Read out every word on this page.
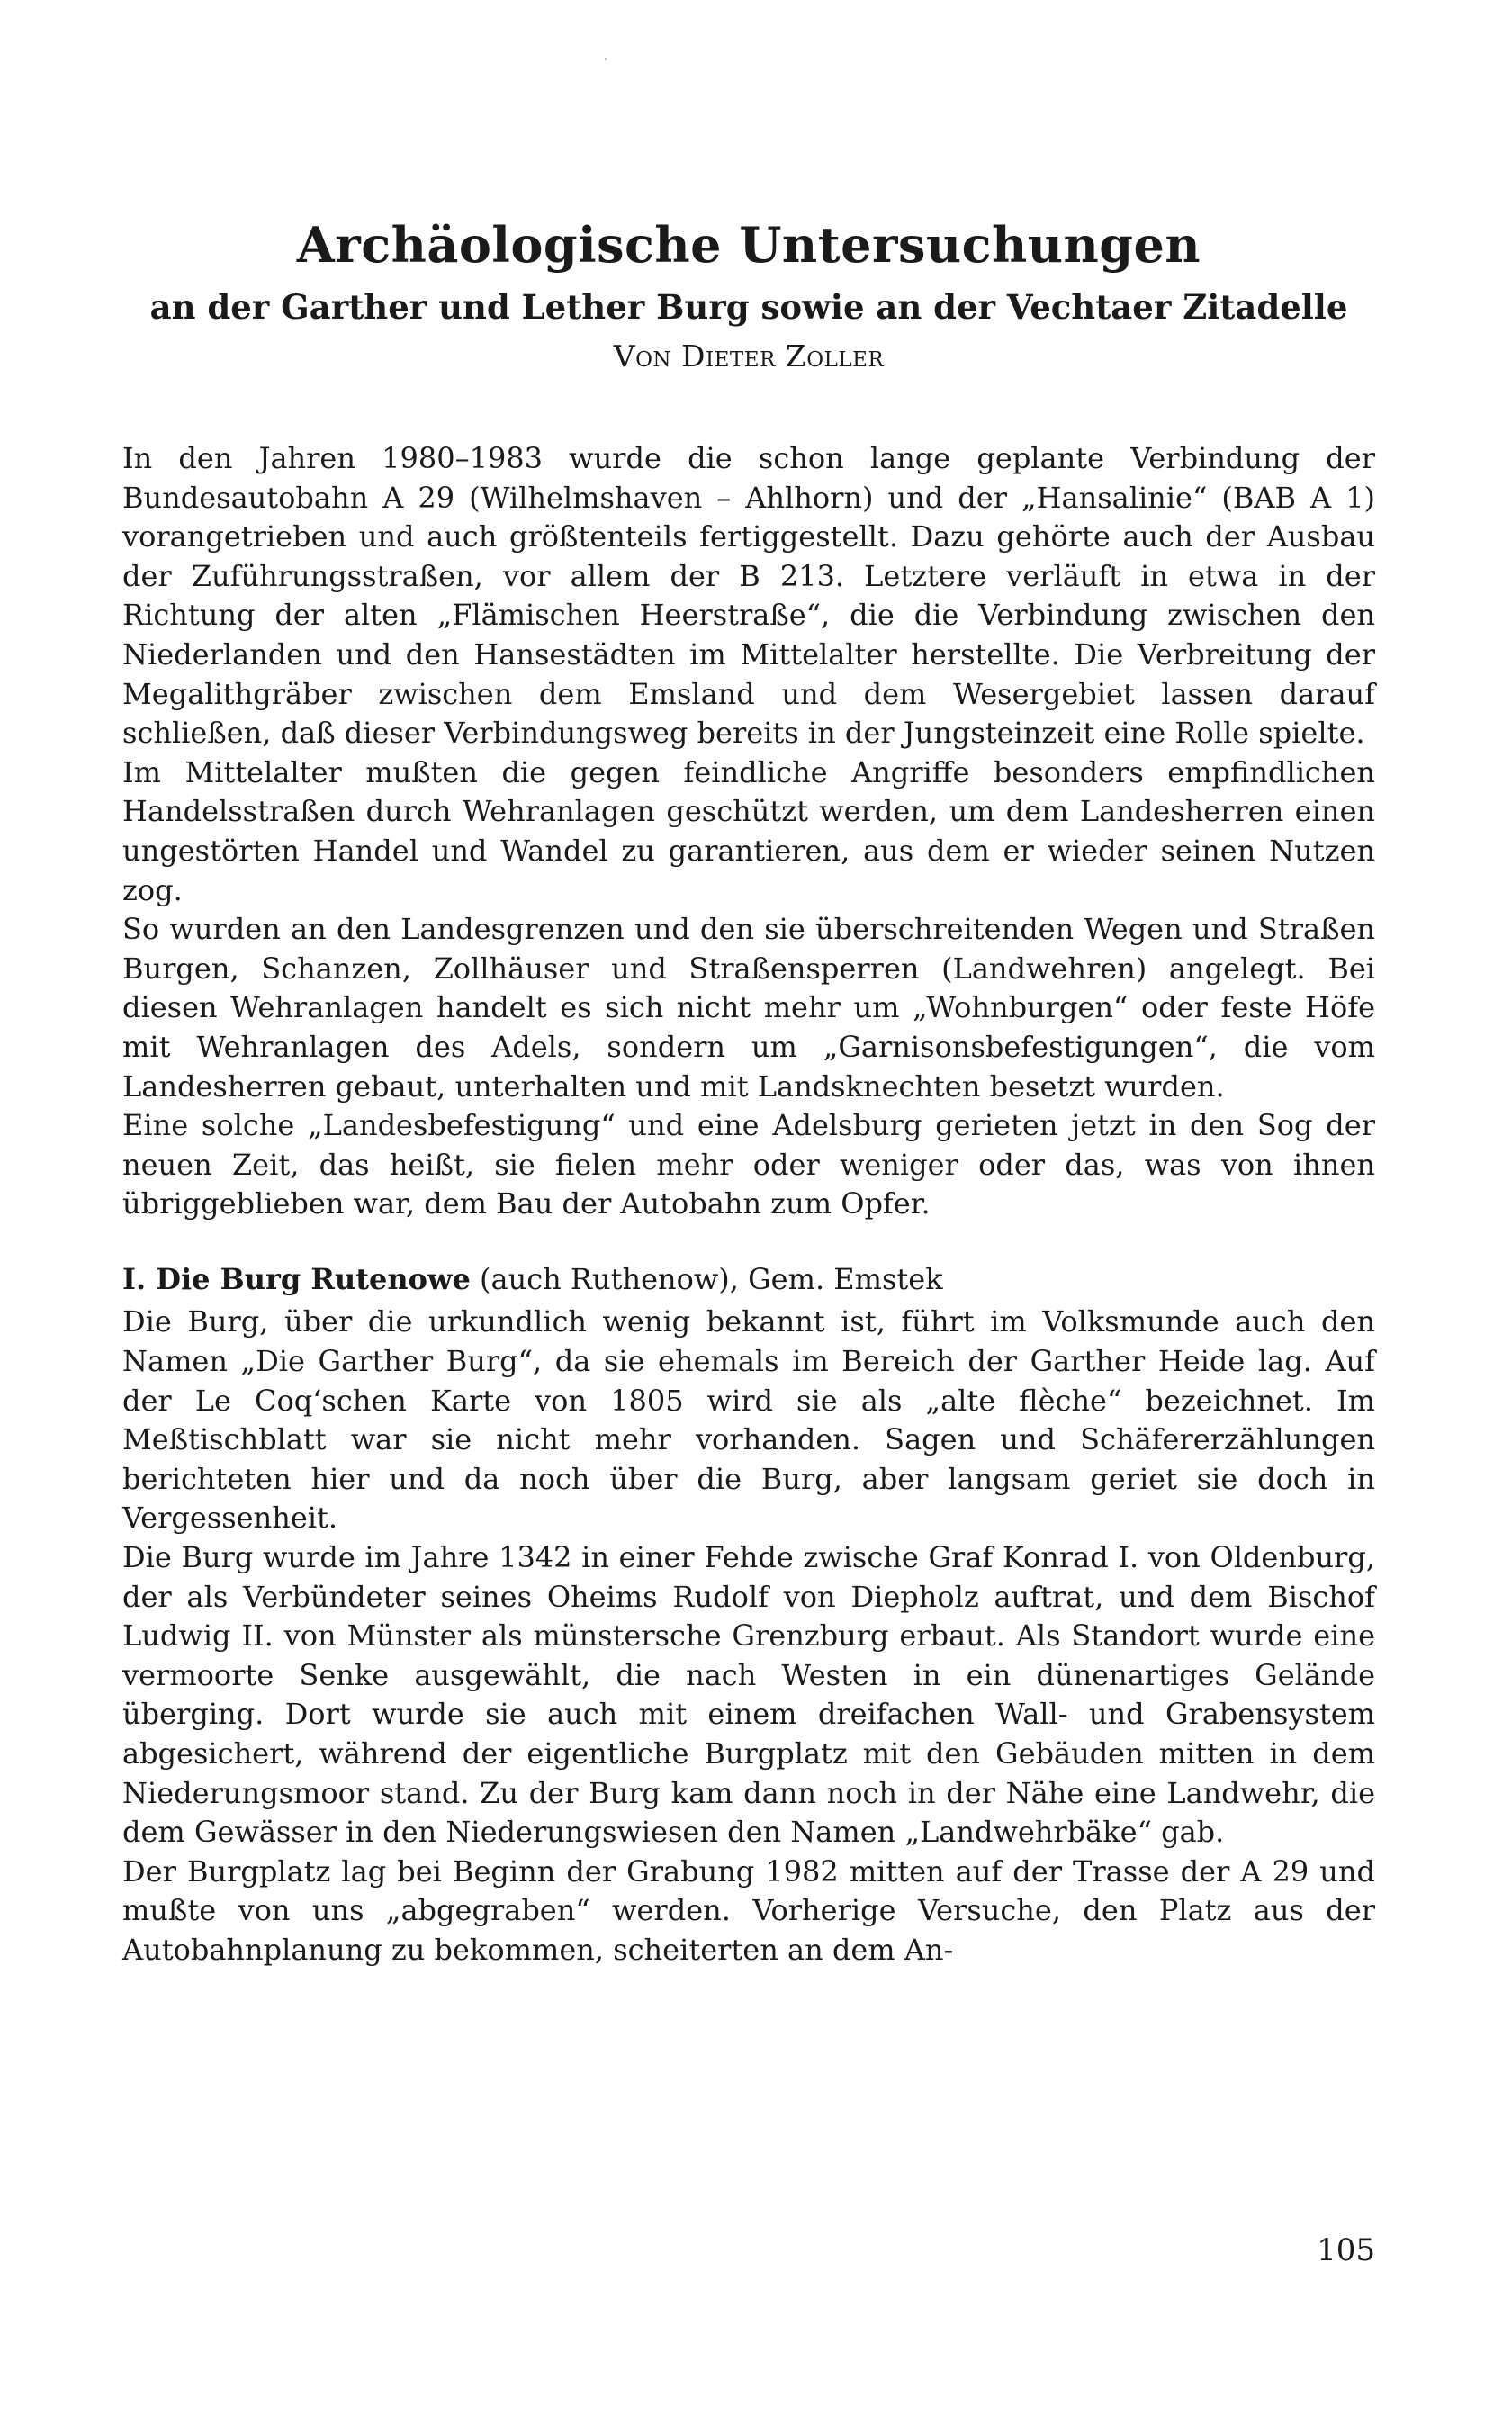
Archäologische Untersuchungen
an der Garther und Lether Burg sowie an der Vechtaer Zitadelle
Von Dieter Zoller

In den Jahren 1980–1983 wurde die schon lange geplante Verbindung der Bundesautobahn A 29 (Wilhelmshaven – Ahlhorn) und der „Hansalinie“ (BAB A 1) vorangetrieben und auch größtenteils fertiggestellt. Dazu gehörte auch der Ausbau der Zuführungsstraßen, vor allem der B 213. Letztere verläuft in etwa in der Richtung der alten „Flämischen Heerstraße“, die die Verbindung zwischen den Niederlanden und den Hansestädten im Mittelalter herstellte. Die Verbreitung der Megalithgräber zwischen dem Emsland und dem Wesergebiet lassen darauf schließen, daß dieser Verbindungsweg bereits in der Jungsteinzeit eine Rolle spielte.

Im Mittelalter mußten die gegen feindliche Angriffe besonders empfindlichen Handelsstraßen durch Wehranlagen geschützt werden, um dem Landesherren einen ungestörten Handel und Wandel zu garantieren, aus dem er wieder seinen Nutzen zog.

So wurden an den Landesgrenzen und den sie überschreitenden Wegen und Straßen Burgen, Schanzen, Zollhäuser und Straßensperren (Landwehren) angelegt. Bei diesen Wehranlagen handelt es sich nicht mehr um „Wohnburgen“ oder feste Höfe mit Wehranlagen des Adels, sondern um „Garnisonsbefestigungen“, die vom Landesherren gebaut, unterhalten und mit Landsknechten besetzt wurden.

Eine solche „Landesbefestigung“ und eine Adelsburg gerieten jetzt in den Sog der neuen Zeit, das heißt, sie fielen mehr oder weniger oder das, was von ihnen übriggeblieben war, dem Bau der Autobahn zum Opfer.

I. Die Burg Rutenowe (auch Ruthenow), Gem. Emstek

Die Burg, über die urkundlich wenig bekannt ist, führt im Volksmunde auch den Namen „Die Garther Burg“, da sie ehemals im Bereich der Garther Heide lag. Auf der Le Coq‘schen Karte von 1805 wird sie als „alte flèche“ bezeichnet. Im Meßtischblatt war sie nicht mehr vorhanden. Sagen und Schäfererzählungen berichteten hier und da noch über die Burg, aber langsam geriet sie doch in Vergessenheit.

Die Burg wurde im Jahre 1342 in einer Fehde zwische Graf Konrad I. von Oldenburg, der als Verbündeter seines Oheims Rudolf von Diepholz auftrat, und dem Bischof Ludwig II. von Münster als münstersche Grenzburg erbaut. Als Standort wurde eine vermoorte Senke ausgewählt, die nach Westen in ein dünenartiges Gelände überging. Dort wurde sie auch mit einem dreifachen Wall- und Grabensystem abgesichert, während der eigentliche Burgplatz mit den Gebäuden mitten in dem Niederungsmoor stand. Zu der Burg kam dann noch in der Nähe eine Landwehr, die dem Gewässer in den Niederungswiesen den Namen „Landwehrbäke“ gab.

Der Burgplatz lag bei Beginn der Grabung 1982 mitten auf der Trasse der A 29 und mußte von uns „abgegraben“ werden. Vorherige Versuche, den Platz aus der Autobahnplanung zu bekommen, scheiterten an dem An-

105
